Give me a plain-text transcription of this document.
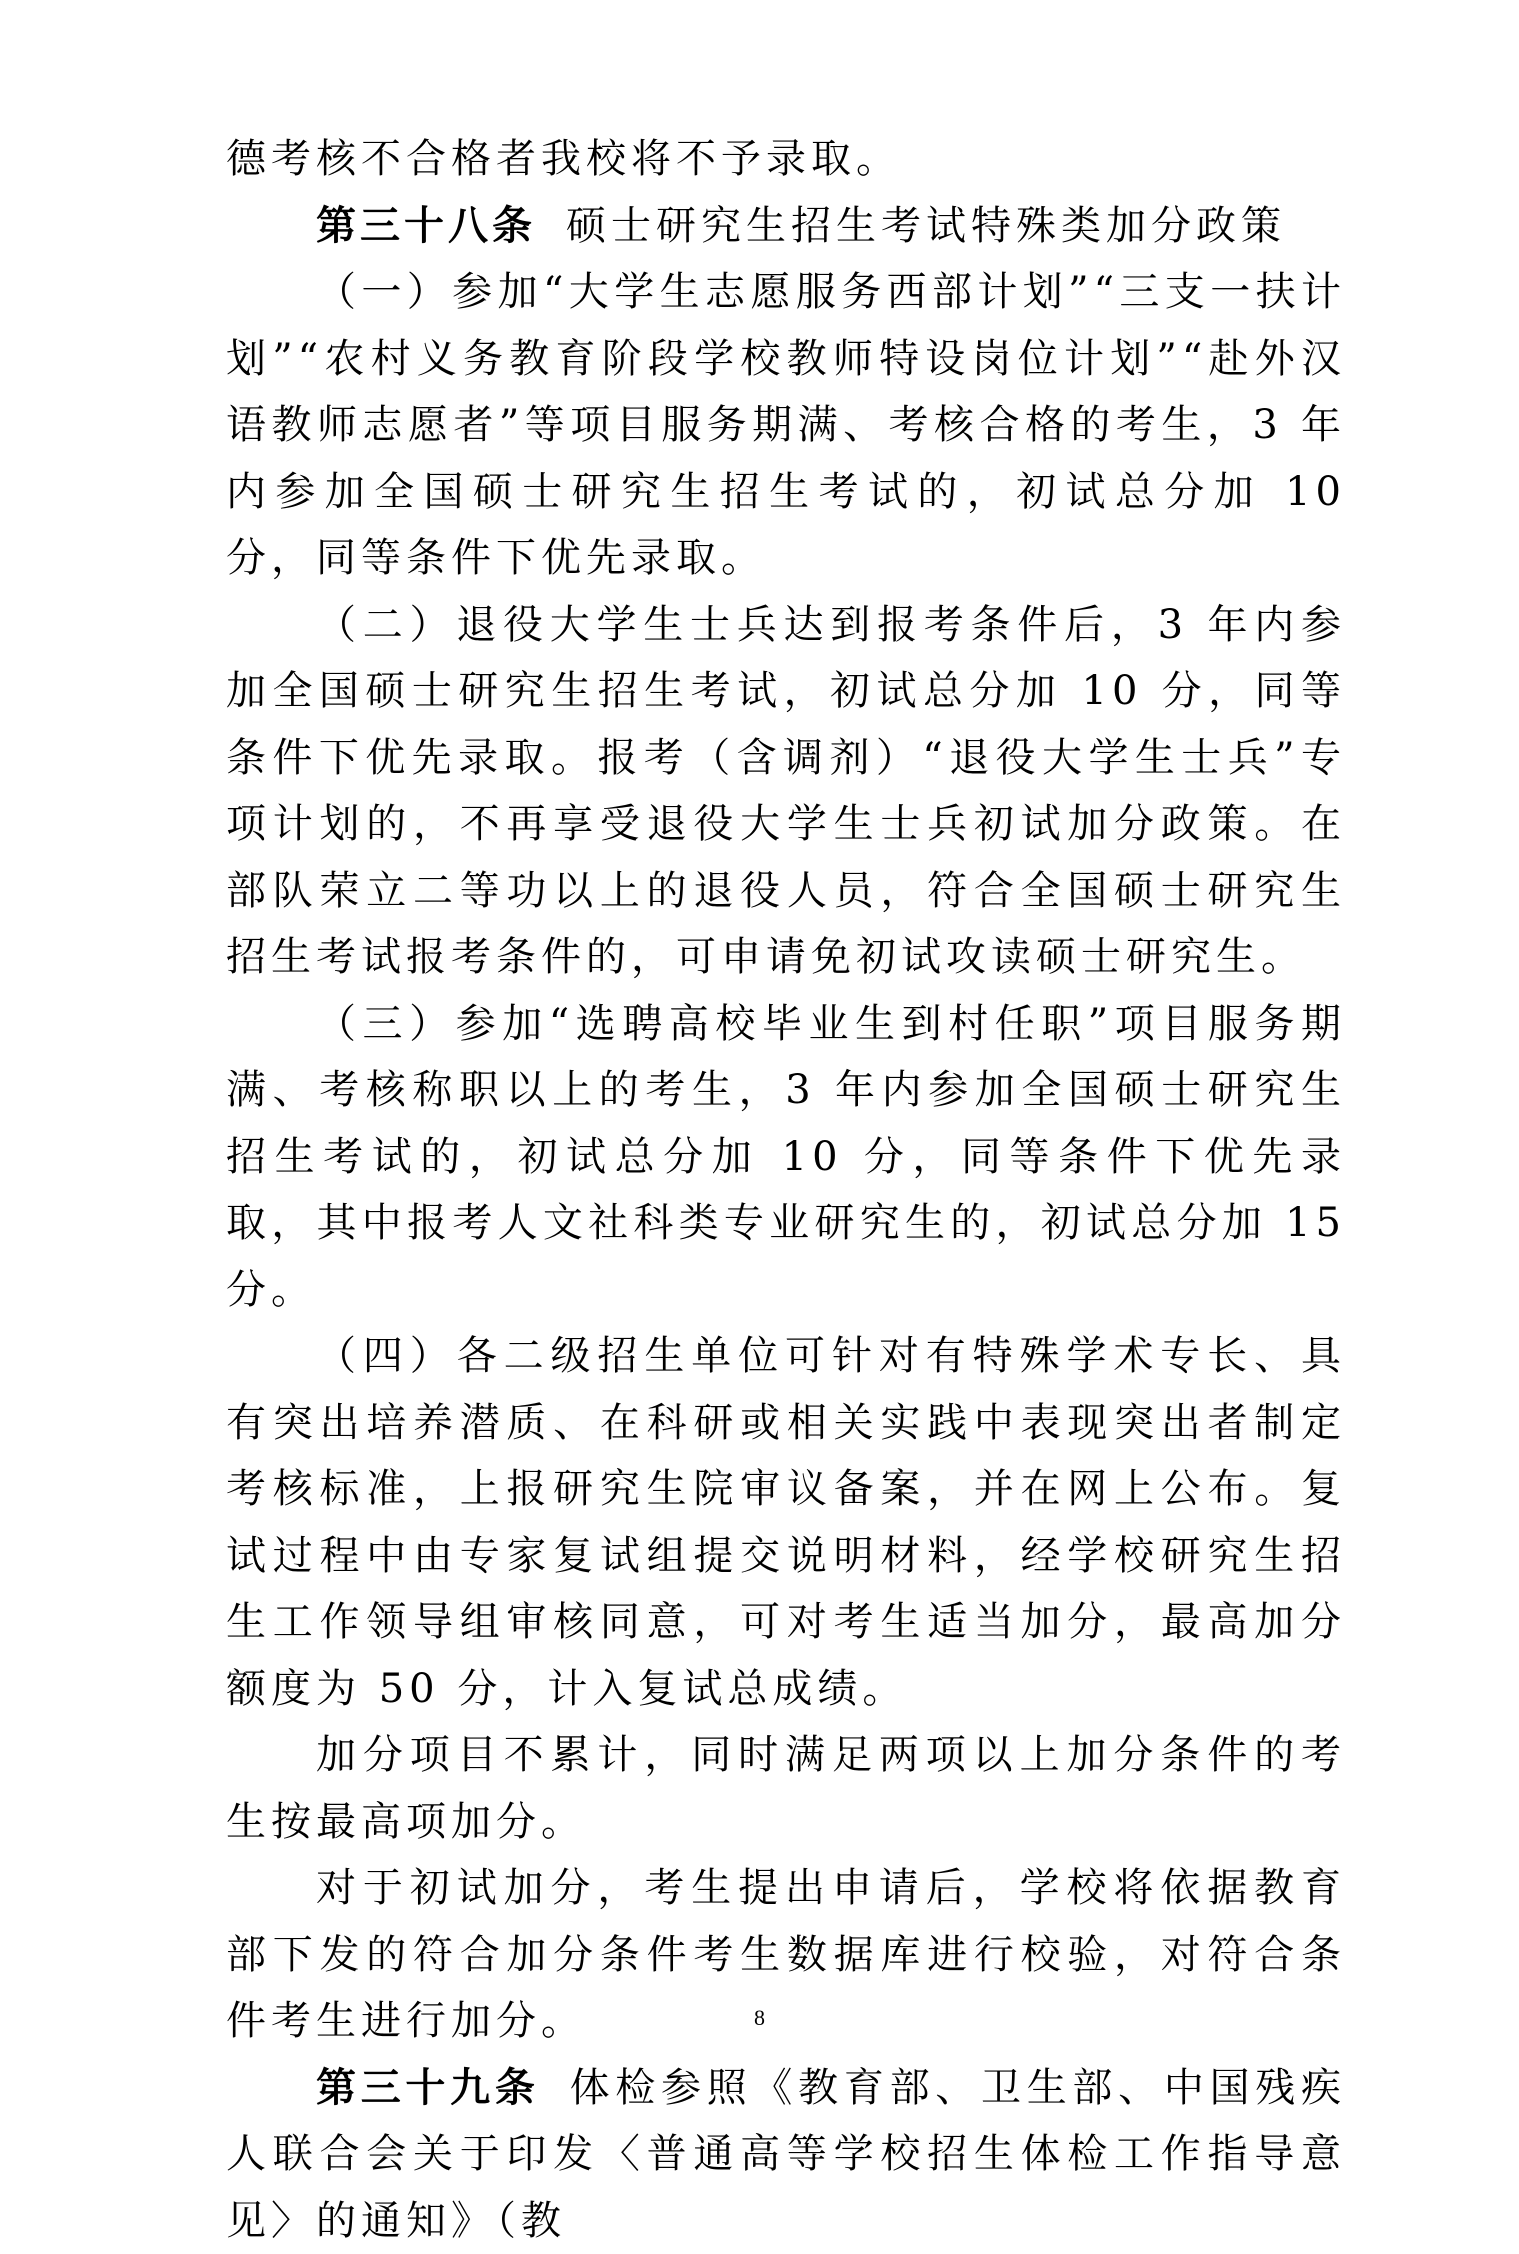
德考核不合格者我校将不予录取。

第三十八条 硕士研究生招生考试特殊类加分政策

（一）参加“大学生志愿服务西部计划”“三支一扶计划”“农村义务教育阶段学校教师特设岗位计划”“赴外汉语教师志愿者”等项目服务期满、考核合格的考生，3 年内参加全国硕士研究生招生考试的，初试总分加 10 分，同等条件下优先录取。

（二）退役大学生士兵达到报考条件后，3 年内参加全国硕士研究生招生考试，初试总分加 10 分，同等条件下优先录取。报考（含调剂）“退役大学生士兵”专项计划的，不再享受退役大学生士兵初试加分政策。在部队荣立二等功以上的退役人员，符合全国硕士研究生招生考试报考条件的，可申请免初试攻读硕士研究生。

（三）参加“选聘高校毕业生到村任职”项目服务期满、考核称职以上的考生，3 年内参加全国硕士研究生招生考试的，初试总分加 10 分，同等条件下优先录取，其中报考人文社科类专业研究生的，初试总分加 15 分。

（四）各二级招生单位可针对有特殊学术专长、具有突出培养潜质、在科研或相关实践中表现突出者制定考核标准，上报研究生院审议备案，并在网上公布。复试过程中由专家复试组提交说明材料，经学校研究生招生工作领导组审核同意，可对考生适当加分，最高加分额度为 50 分，计入复试总成绩。

加分项目不累计，同时满足两项以上加分条件的考生按最高项加分。

对于初试加分，考生提出申请后，学校将依据教育部下发的符合加分条件考生数据库进行校验，对符合条件考生进行加分。

第三十九条 体检参照《教育部、卫生部、中国残疾人联合会关于印发〈普通高等学校招生体检工作指导意见〉的通知》（教

8
